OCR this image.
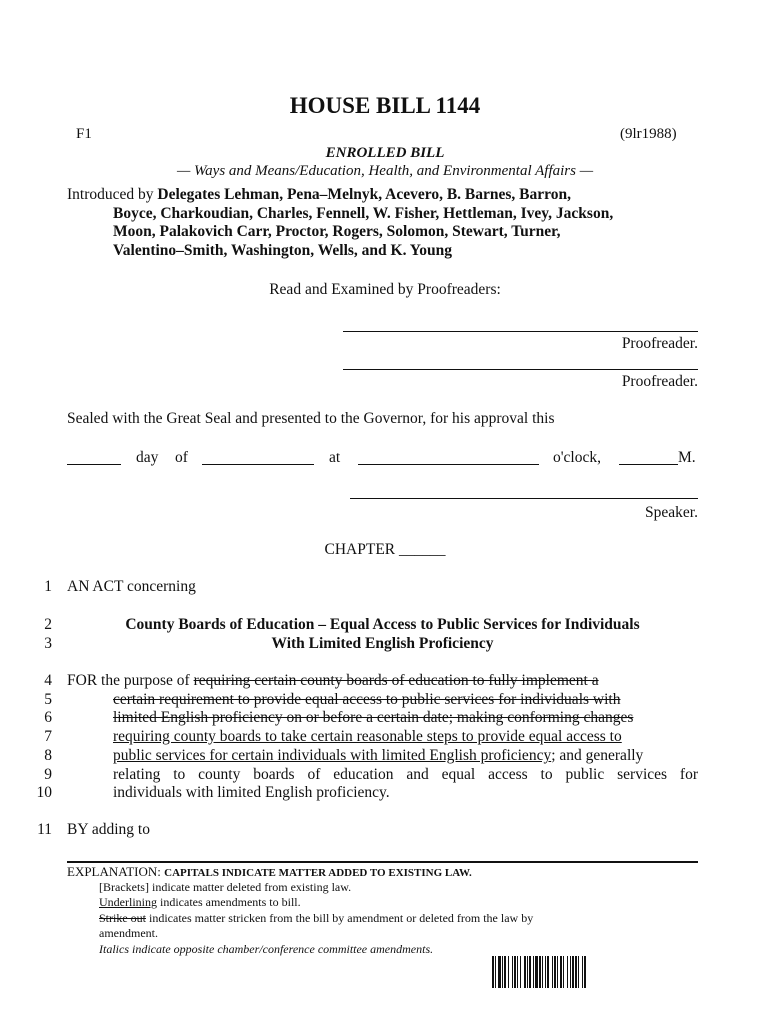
HOUSE BILL 1144
F1	(9lr1988)
ENROLLED BILL
— Ways and Means/Education, Health, and Environmental Affairs —

Introduced by Delegates Lehman, Pena–Melnyk, Acevero, B. Barnes, Barron,

Boyce, Charkoudian, Charles, Fennell, W. Fisher, Hettleman, Ivey, Jackson,

Moon, Palakovich Carr, Proctor, Rogers, Solomon, Stewart, Turner,

Valentino–Smith, Washington, Wells, and K. Young

Read and Examined by Proofreaders:
Proofreader.
Proofreader.
Sealed with the Great Seal and presented to the Governor, for his approval this
day of	at	o'clock,	M.
Speaker.
CHAPTER ______
1 AN ACT concerning
2	County Boards of Education – Equal Access to Public Services for Individuals
3	With Limited English Proficiency
4 FOR the purpose of requiring certain county boards of education to fully implement a
5	certain requirement to provide equal access to public services for individuals with
6	limited English proficiency on or before a certain date; making conforming changes
7	requiring county boards to take certain reasonable steps to provide equal access to
8	public services for certain individuals with limited English proficiency; and generally
9	relating to county boards of education and equal access to public services for
10	individuals with limited English proficiency.
11 BY adding to
EXPLANATION: CAPITALS INDICATE MATTER ADDED TO EXISTING LAW.
[Brackets] indicate matter deleted from existing law.
Underlining indicates amendments to bill.
Strike out indicates matter stricken from the bill by amendment or deleted from the law by
amendment.
Italics indicate opposite chamber/conference committee amendments.
